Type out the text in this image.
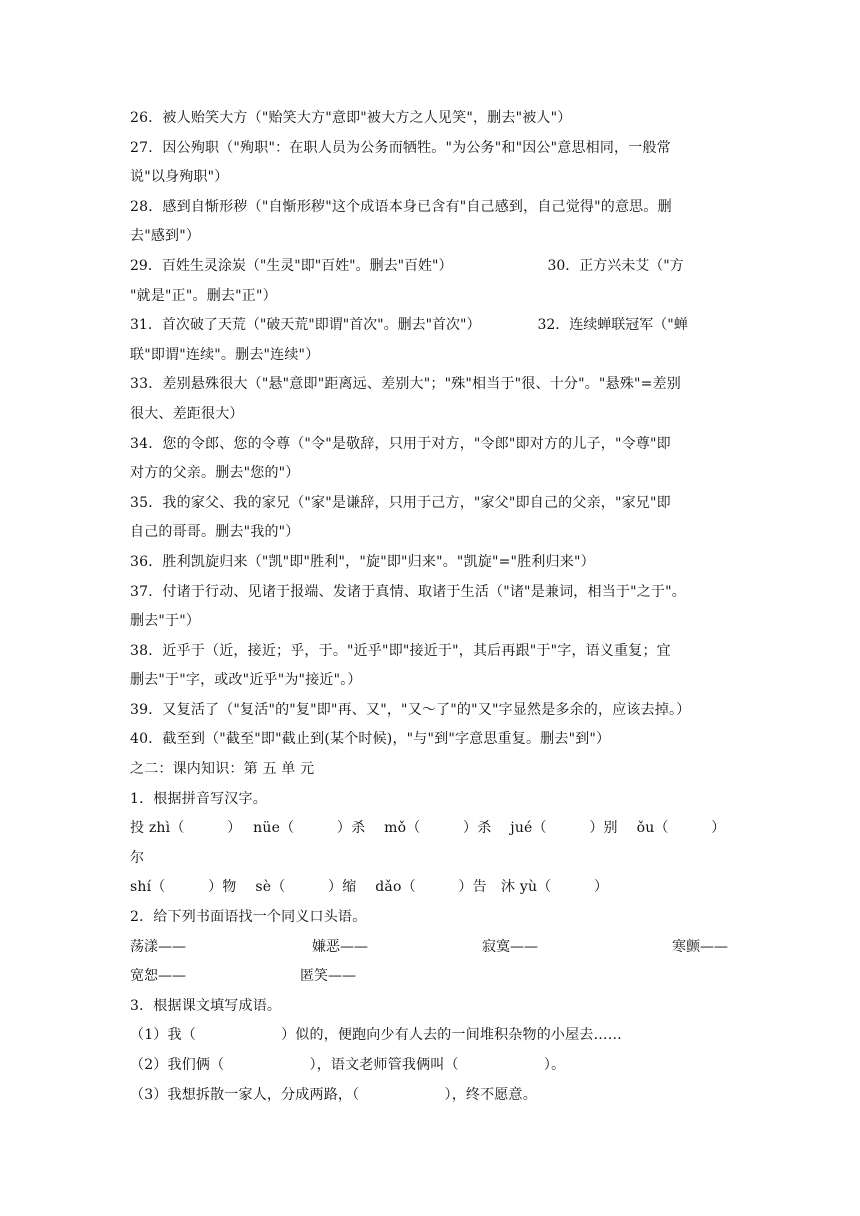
26．被人贻笑大方（"贻笑大方"意即"被大方之人见笑"，删去"被人"）
27．因公殉职（"殉职"：在职人员为公务而牺牲。"为公务"和"因公"意思相同，一般常
说"以身殉职"）
28．感到自惭形秽（"自惭形秽"这个成语本身已含有"自己感到，自己觉得"的意思。删
去"感到"）
29．百姓生灵涂炭（"生灵"即"百姓"。删去"百姓"）	30．正方兴未艾（"方
"就是"正"。删去"正"）
31．首次破了天荒（"破天荒"即谓"首次"。删去"首次"）	32．连续蝉联冠军（"蝉
联"即谓"连续"。删去"连续"）
33．差别悬殊很大（"悬"意即"距离远、差别大"；"殊"相当于"很、十分"。"悬殊"=差别
很大、差距很大）
34．您的令郎、您的令尊（"令"是敬辞，只用于对方，"令郎"即对方的儿子，"令尊"即
对方的父亲。删去"您的"）
35．我的家父、我的家兄（"家"是谦辞，只用于己方，"家父"即自己的父亲，"家兄"即
自己的哥哥。删去"我的"）
36．胜利凯旋归来（"凯"即"胜利"，"旋"即"归来"。"凯旋"="胜利归来"）
37．付诸于行动、见诸于报端、发诸于真情、取诸于生活（"诸"是兼词，相当于"之于"。
删去"于"）
38．近乎于（近，接近；乎，于。"近乎"即"接近于"，其后再跟"于"字，语义重复；宜
删去"于"字，或改"近乎"为"接近"。）
39．又复活了（"复活"的"复"即"再、又"，"又～了"的"又"字显然是多余的，应该去掉。）
40．截至到（"截至"即"截止到(某个时候)，"与"到"字意思重复。删去"到"）
之二：课内知识：第 五 单 元
1．根据拼音写汉字。
投 zhì（　　　）　 nüe（　　　）杀　 mǒ（　　　）杀　 jué（　　　）别　 ǒu（　　　）
尔
shí（　　　）物　 sè（　　　）缩　 dǎo（　　　）告　沐 yù（　　　）
2．给下列书面语找一个同义口头语。
荡漾——	嫌恶——	寂寞——	寒颤——
宽恕——	匿笑——
3．根据课文填写成语。
（1）我（　　　　　　）似的，便跑向少有人去的一间堆积杂物的小屋去……
（2）我们俩（　　　　　　），语文老师管我俩叫（　　　　　　）。
（3）我想拆散一家人，分成两路，（　　　　　　），终不愿意。
